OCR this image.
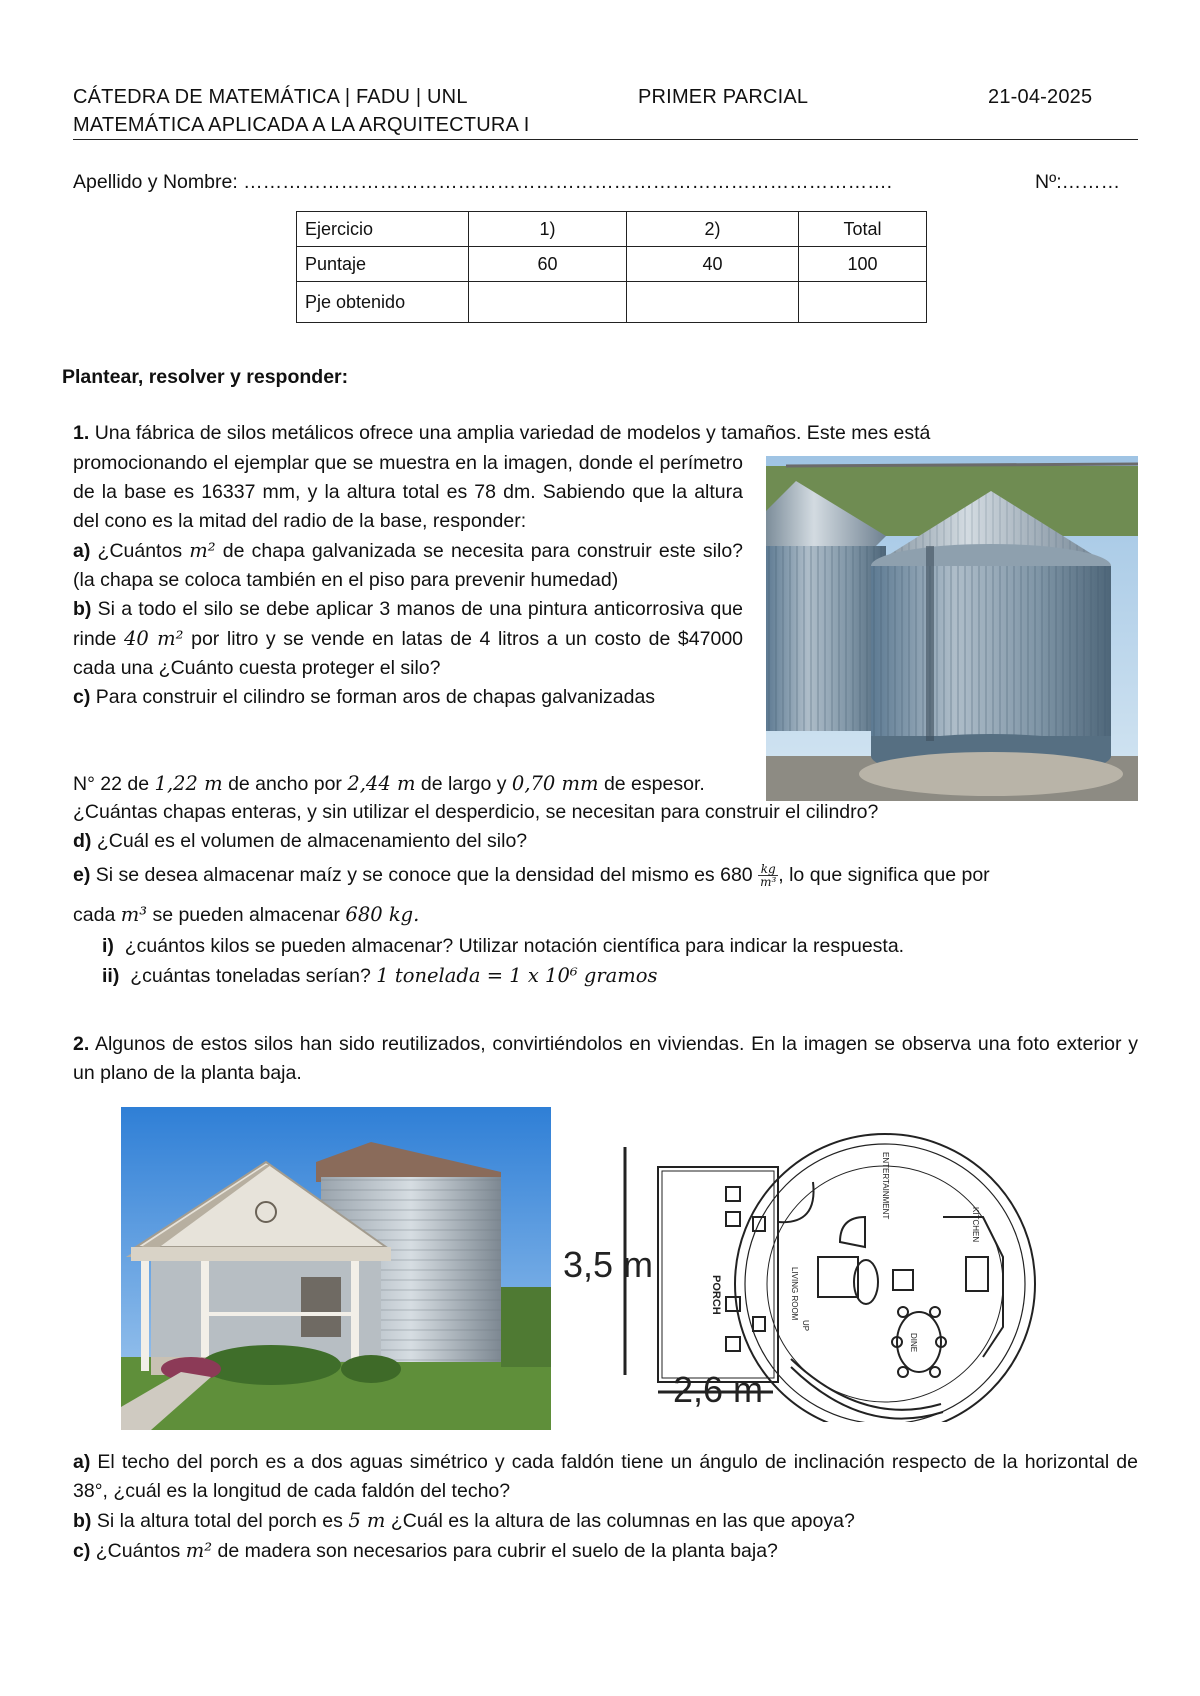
CÁTEDRA DE MATEMÁTICA | FADU | UNL	PRIMER PARCIAL	21-04-2025
MATEMÁTICA APLICADA A LA ARQUITECTURA I
Apellido y Nombre: ……………………………………………………………………………………….	Nº:………
Ejercicio	1)	2)	Total
Puntaje	60	40	100
Pje obtenido			
Plantear, resolver y responder:
1. Una fábrica de silos metálicos ofrece una amplia variedad de modelos y tamaños. Este mes está

promocionando el ejemplar que se muestra en la imagen, donde el perímetro de la base es 16337 mm, y la altura total es 78 dm. Sabiendo que la altura del cono es la mitad del radio de la base, responder:

a) ¿Cuántos m² de chapa galvanizada se necesita para construir este silo? (la chapa se coloca también en el piso para prevenir humedad)

b) Si a todo el silo se debe aplicar 3 manos de una pintura anticorrosiva que rinde 40 m² por litro y se vende en latas de 4 litros a un costo de $47000 cada una ¿Cuánto cuesta proteger el silo?

c) Para construir el cilindro se forman aros de chapas galvanizadas

N° 22 de 1,22 m de ancho por 2,44 m de largo y 0,70 mm de espesor.

¿Cuántas chapas enteras, y sin utilizar el desperdicio, se necesitan para construir el cilindro?

d) ¿Cuál es el volumen de almacenamiento del silo?

e) Si se desea almacenar maíz y se conoce que la densidad del mismo es $680 \frac{kg}{\text{m³}}$ , lo que significa que por
cada m³ se pueden almacenar 680 kg.

i) ¿cuántos kilos se pueden almacenar? Utilizar notación científica para indicar la respuesta.

ii) ¿cuántas toneladas serían? 1 tonelada = 1 x 10⁶ gramos

2. Algunos de estos silos han sido reutilizados, convirtiéndolos en viviendas. En la imagen se observa una foto exterior y un plano de la planta baja.

PORCH	LIVING ROOM
KITCHEN
ENTERTAINMENT
DINE
UP
3,5 m
2,6 m

a) El techo del porch es a dos aguas simétrico y cada faldón tiene un ángulo de inclinación respecto de la horizontal de 38°, ¿cuál es la longitud de cada faldón del techo?

b) Si la altura total del porch es 5 m ¿Cuál es la altura de las columnas en las que apoya?

c) ¿Cuántos m² de madera son necesarios para cubrir el suelo de la planta baja?
